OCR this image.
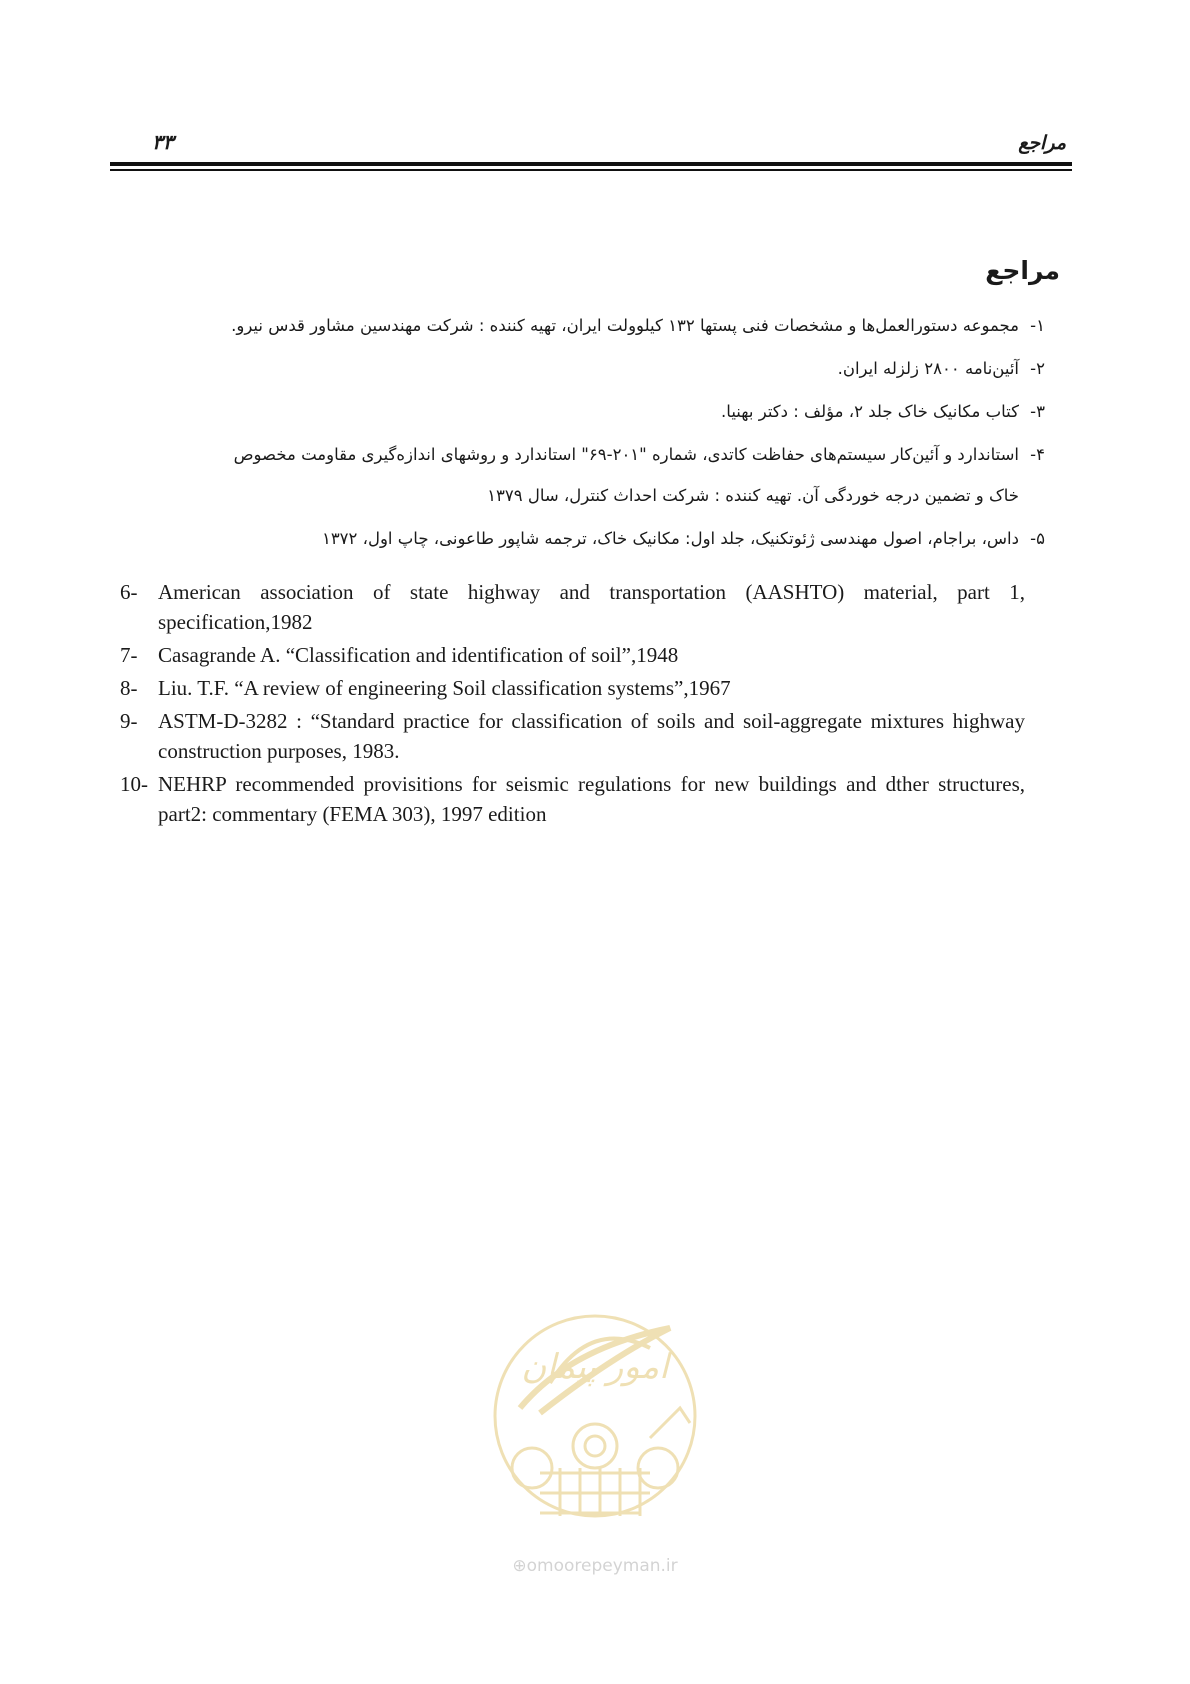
مراجع
۳۳
مراجع
۱-
مجموعه دستورالعمل‌ها و مشخصات فنی پستها ۱۳۲ کیلوولت ایران، تهیه کننده : شرکت مهندسین مشاور قدس نیرو.
۲-
آئین‌نامه ۲۸۰۰ زلزله ایران.
۳-
کتاب مکانیک خاک جلد ۲، مؤلف : دکتر بهنیا.
۴-
استاندارد و آئین‌کار سیستم‌های حفاظت کاتدی، شماره "۲۰۱-۶۹" استاندارد و روشهای اندازه‌گیری مقاومت مخصوص
خاک و تضمین درجه خوردگی آن. تهیه کننده : شرکت احداث کنترل، سال ۱۳۷۹
۵-
داس، براجام، اصول مهندسی ژئوتکنیک، جلد اول: مکانیک خاک، ترجمه شاپور طاعونی، چاپ اول، ۱۳۷۲
6- American association of state highway and transportation (AASHTO) material, part 1, specification,1982
7- Casagrande A. “Classification and identification of soil”,1948
8- Liu. T.F. “A review of engineering Soil classification systems”,1967
9- ASTM-D-3282 : “Standard practice for classification of soils and soil-aggregate mixtures highway construction purposes, 1983.
10- NEHRP recommended provisitions for seismic regulations for new buildings and dther structures, part2: commentary (FEMA 303), 1997 edition
امور پیمان
⊕omoorepeyman.ir
